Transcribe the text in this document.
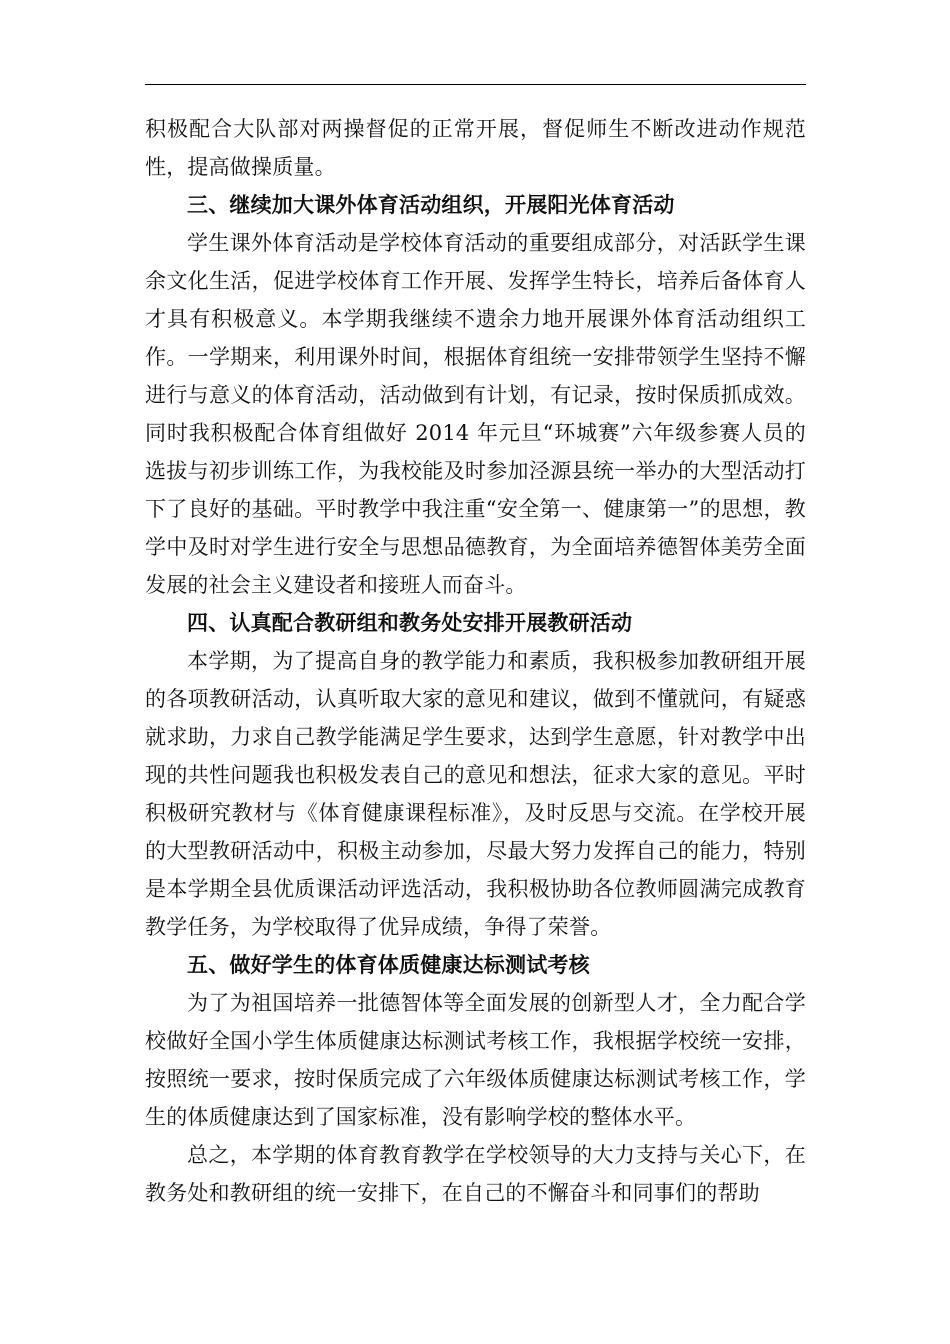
积极配合大队部对两操督促的正常开展，督促师生不断改进动作规范性，提高做操质量。

三、继续加大课外体育活动组织，开展阳光体育活动

学生课外体育活动是学校体育活动的重要组成部分，对活跃学生课余文化生活，促进学校体育工作开展、发挥学生特长，培养后备体育人才具有积极意义。本学期我继续不遗余力地开展课外体育活动组织工作。一学期来，利用课外时间，根据体育组统一安排带领学生坚持不懈进行与意义的体育活动，活动做到有计划，有记录，按时保质抓成效。同时我积极配合体育组做好 2014 年元旦“环城赛”六年级参赛人员的选拔与初步训练工作，为我校能及时参加泾源县统一举办的大型活动打下了良好的基础。平时教学中我注重“安全第一、健康第一”的思想，教学中及时对学生进行安全与思想品德教育，为全面培养德智体美劳全面发展的社会主义建设者和接班人而奋斗。

四、认真配合教研组和教务处安排开展教研活动

本学期，为了提高自身的教学能力和素质，我积极参加教研组开展的各项教研活动，认真听取大家的意见和建议，做到不懂就问，有疑惑就求助，力求自己教学能满足学生要求，达到学生意愿，针对教学中出现的共性问题我也积极发表自己的意见和想法，征求大家的意见。平时积极研究教材与《体育健康课程标准》，及时反思与交流。在学校开展的大型教研活动中，积极主动参加，尽最大努力发挥自己的能力，特别是本学期全县优质课活动评选活动，我积极协助各位教师圆满完成教育教学任务，为学校取得了优异成绩，争得了荣誉。

五、做好学生的体育体质健康达标测试考核

为了为祖国培养一批德智体等全面发展的创新型人才，全力配合学校做好全国小学生体质健康达标测试考核工作，我根据学校统一安排，按照统一要求，按时保质完成了六年级体质健康达标测试考核工作，学生的体质健康达到了国家标准，没有影响学校的整体水平。

总之，本学期的体育教育教学在学校领导的大力支持与关心下，在教务处和教研组的统一安排下，在自己的不懈奋斗和同事们的帮助
